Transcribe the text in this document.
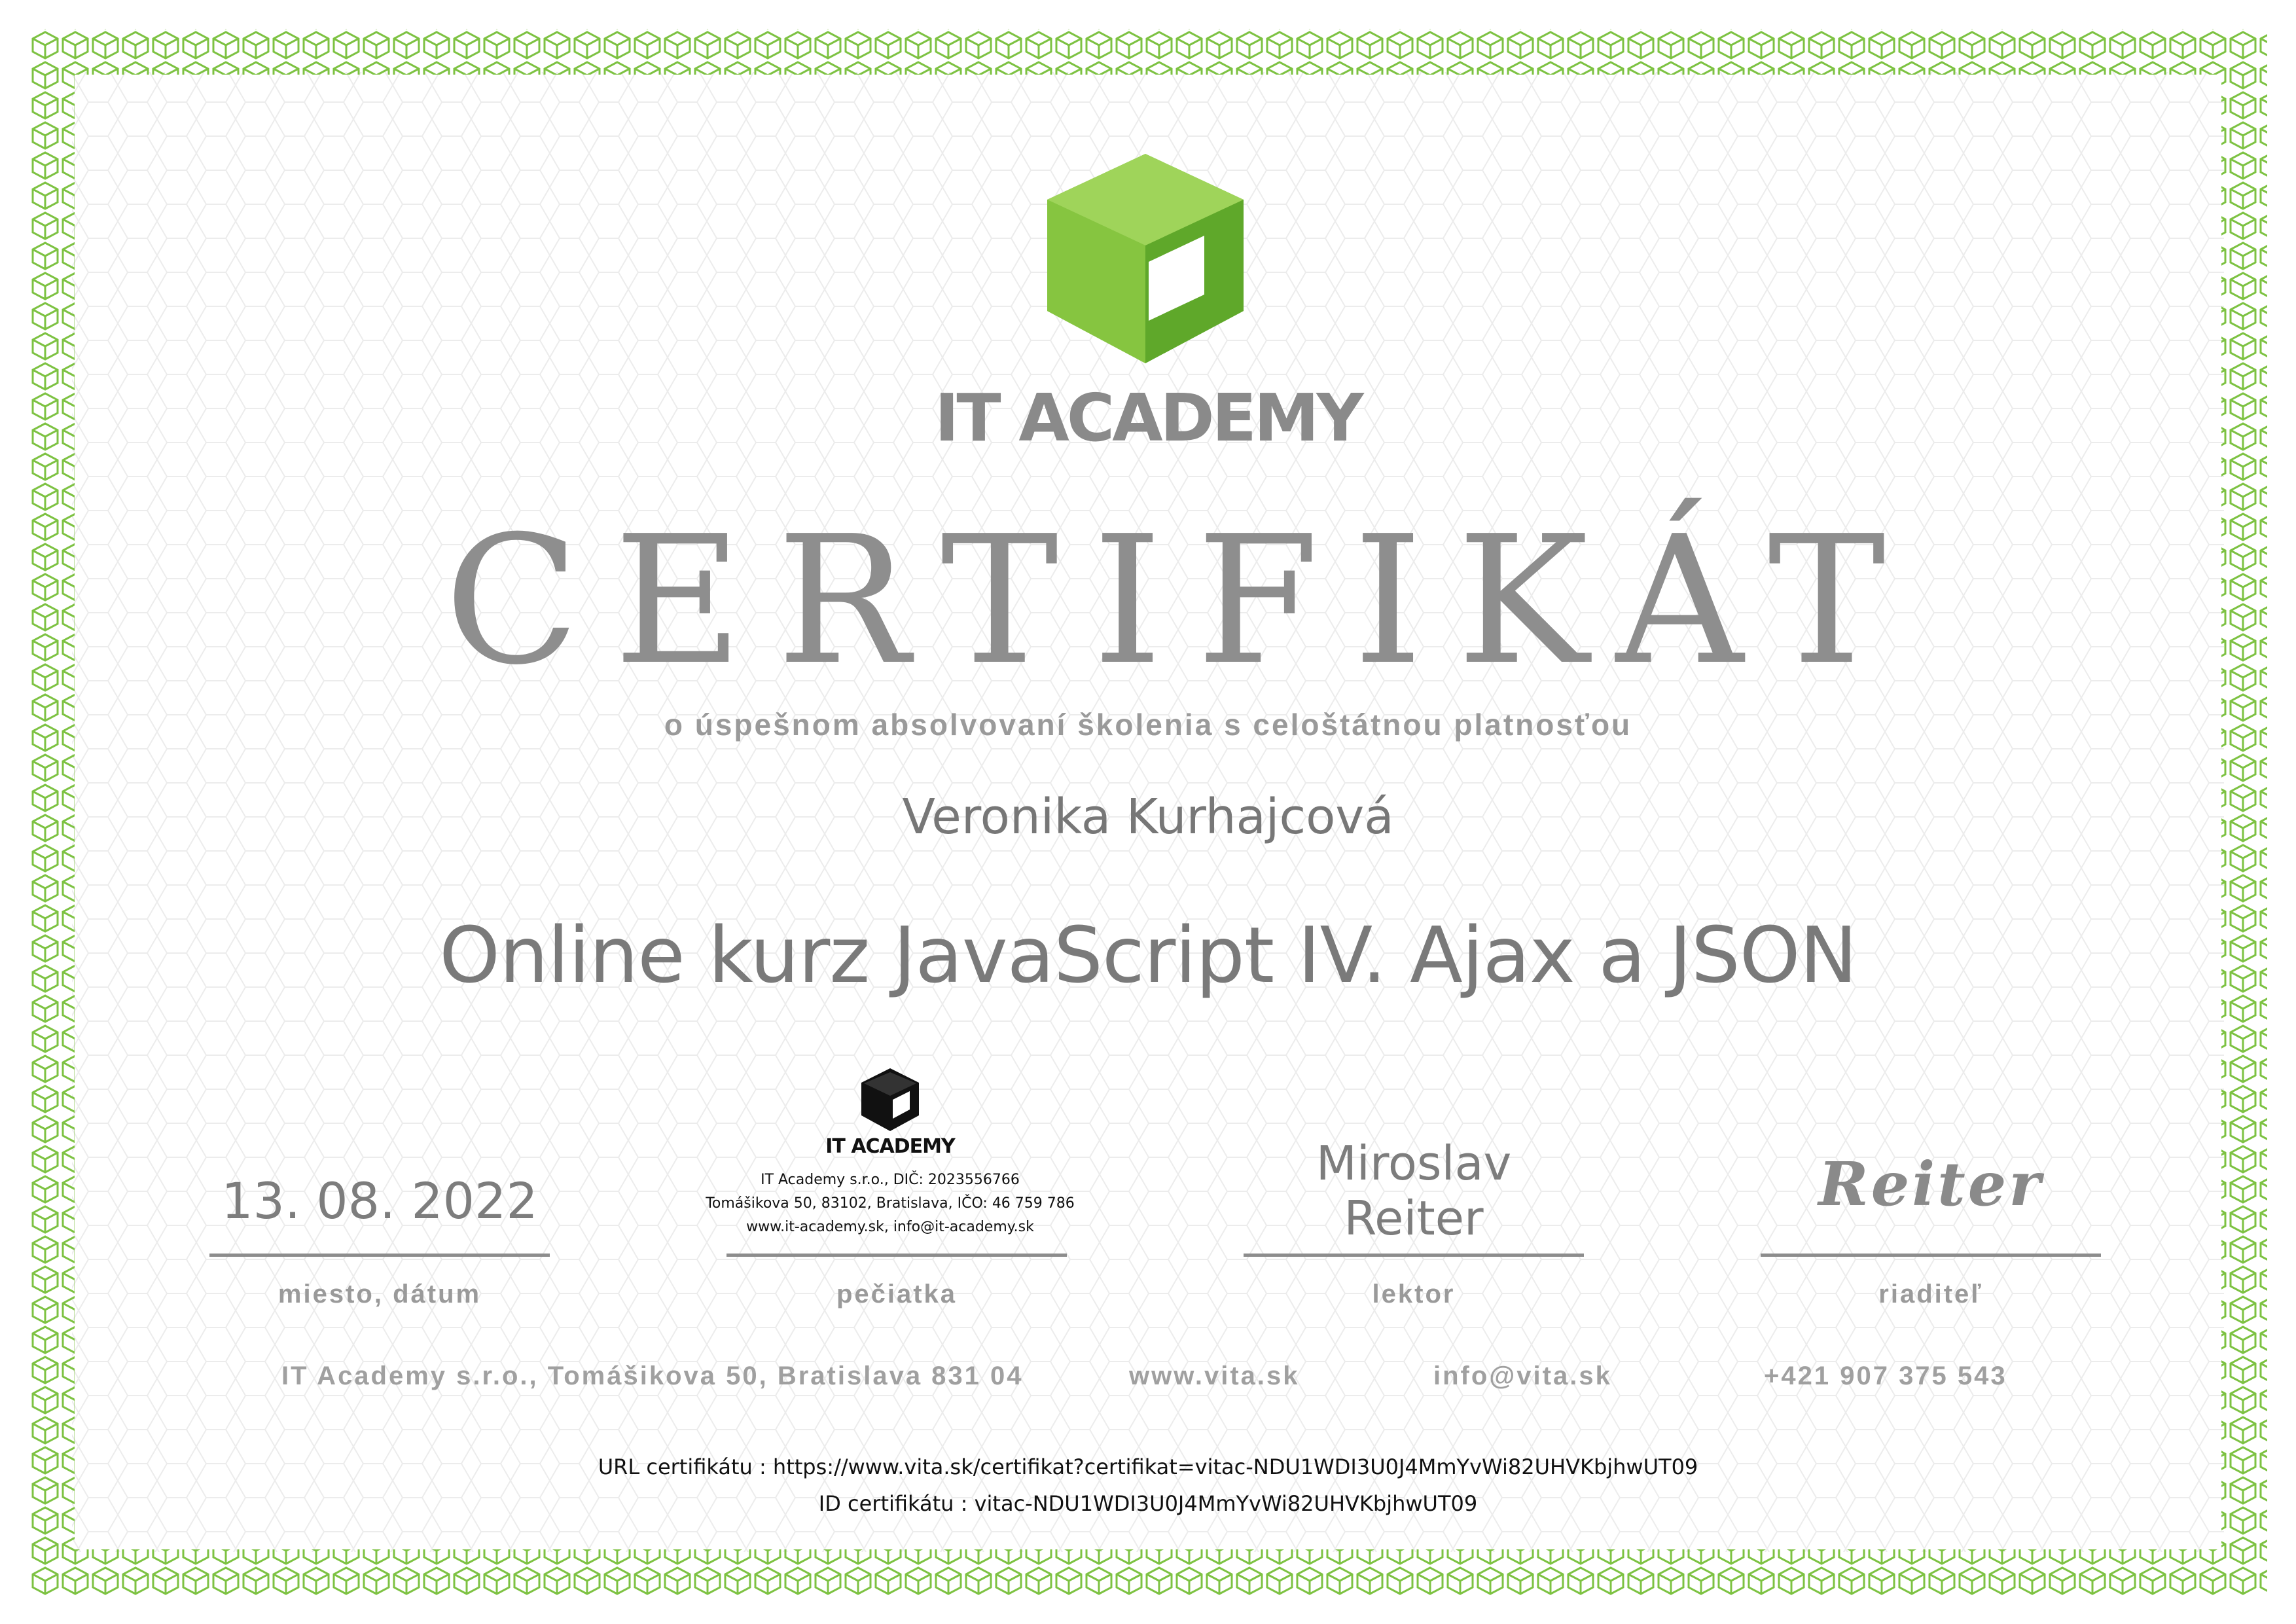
IT ACADEMY
CERTIFIKÁT
o úspešnom absolvovaní školenia s celoštátnou platnosťou
Veronika Kurhajcová
Online kurz JavaScript IV. Ajax a JSON
13. 08. 2022
miesto, dátum
IT ACADEMY
IT Academy s.r.o., DIČ: 2023556766
Tomášikova 50, 83102, Bratislava, IČO: 46 759 786
www.it-academy.sk, info@it-academy.sk
pečiatka
Miroslav
Reiter
lektor
Reiter
riaditeľ
IT Academy s.r.o., Tomášikova 50, Bratislava 831 04	www.vita.sk	info@vita.sk	+421 907 375 543
URL certifikátu : https://www.vita.sk/certifikat?certifikat=vitac-NDU1WDI3U0J4MmYvWi82UHVKbjhwUT09
ID certifikátu : vitac-NDU1WDI3U0J4MmYvWi82UHVKbjhwUT09
